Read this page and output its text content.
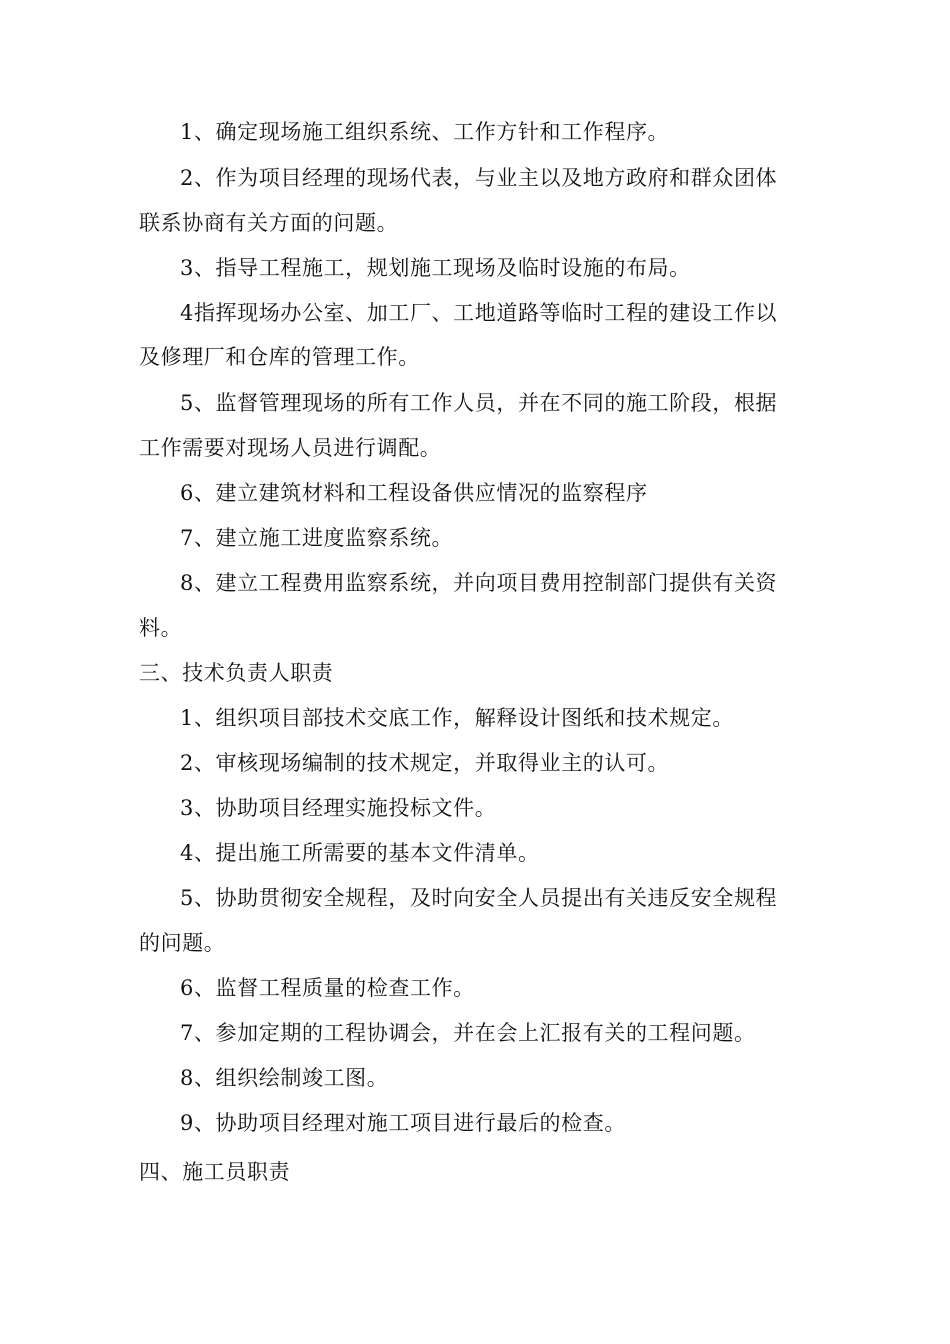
1、确定现场施工组织系统、工作方针和工作程序。
2、作为项目经理的现场代表，与业主以及地方政府和群众团体
联系协商有关方面的问题。
3、指导工程施工，规划施工现场及临时设施的布局。
4指挥现场办公室、加工厂、工地道路等临时工程的建设工作以
及修理厂和仓库的管理工作。
5、监督管理现场的所有工作人员，并在不同的施工阶段，根据
工作需要对现场人员进行调配。
6、建立建筑材料和工程设备供应情况的监察程序
7、建立施工进度监察系统。
8、建立工程费用监察系统，并向项目费用控制部门提供有关资
料。
三、技术负责人职责
1、组织项目部技术交底工作，解释设计图纸和技术规定。
2、审核现场编制的技术规定，并取得业主的认可。
3、协助项目经理实施投标文件。
4、提出施工所需要的基本文件清单。
5、协助贯彻安全规程，及时向安全人员提出有关违反安全规程
的问题。
6、监督工程质量的检查工作。
7、参加定期的工程协调会，并在会上汇报有关的工程问题。
8、组织绘制竣工图。
9、协助项目经理对施工项目进行最后的检查。
四、施工员职责
